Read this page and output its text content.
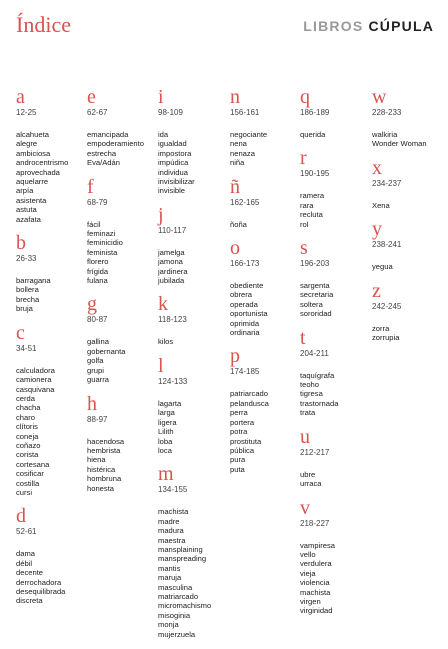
Índice	LIBROS CÚPULA
a
12-25
alcahueta
alegre
ambiciosa
androcentrismo
aprovechada
aquelarre
arpía
asistenta
astuta
azafata
b
26-33
barragana
bollera
brecha
bruja
c
34-51
calculadora
camionera
casquivana
cerda
chacha
charo
clítoris
coneja
coñazo
corista
cortesana
cosificar
costilla
cursi
d
52-61
dama
débil
decente
derrochadora
desequilibrada
discreta
e
62-67
emancipada
empoderamiento
estrecha
Eva/Adán
f
68-79
fácil
feminazi
feminicidio
feminista
florero
frígida
fulana
g
80-87
gallina
gobernanta
golfa
grupi
guarra
h
88-97
hacendosa
hembrista
hiena
histérica
hombruna
honesta
i
98-109
ida
igualdad
impostora
impúdica
individua
invisibilizar
invisible
j
110-117
jamelga
jamona
jardinera
jubilada
k
118-123
kilos
l
124-133
lagarta
larga
ligera
Lilith
loba
loca
m
134-155
machista
madre
madura
maestra
mansplaining
manspreading
mantis
maruja
masculina
matriarcado
micromachismo
misoginia
monja
mujerzuela
n
156-161
negociante
nena
nenaza
niña
ñ
162-165
ñoña
o
166-173
obediente
obrera
operada
oportunista
oprimida
ordinaria
p
174-185
patriarcado
pelandusca
perra
portera
potra
prostituta
pública
pura
puta
q
186-189
querida
r
190-195
ramera
rara
recluta
rol
s
196-203
sargenta
secretaria
soltera
sororidad
t
204-211
taquígrafa
teoho
tigresa
trastornada
trata
u
212-217
ubre
urraca
v
218-227
vampiresa
vello
verdulera
vieja
violencia
machista
virgen
virginidad
w
228-233
walkiria
Wonder Woman
x
234-237
Xena
y
238-241
yegua
z
242-245
zorra
zorrupia
